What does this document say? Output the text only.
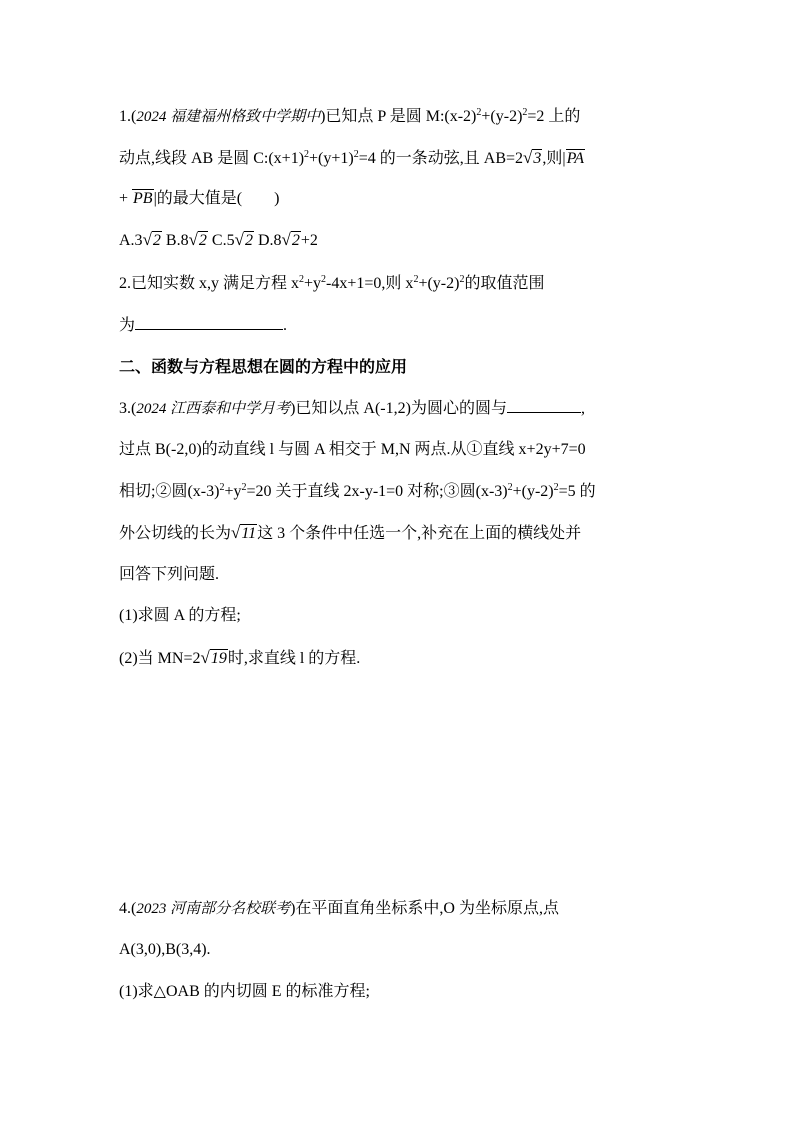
1.(2024 福建福州格致中学期中)已知点 P 是圆 $M:(x-2)^2+(y-2)^2=2$ 上的
动点,线段 AB 是圆 $C:(x+1)^2+(y+1)^2=4$ 的一条动弦,且 AB=2√3,则|PA
+ PB|的最大值是(　　)
A.3√2 B.8√2 C.5√2 D.8√2+2
2.已知实数 x,y 满足方程 $x^2+y^2-4x+1=0$,则 $x^2+(y-2)^2$的取值范围
为	.
二、函数与方程思想在圆的方程中的应用
3.(2024 江西泰和中学月考)已知以点 A(-1,2)为圆心的圆与	,
过点 B(-2,0)的动直线 l 与圆 A 相交于 M,N 两点.从①直线 x+2y+7=0
相切;②圆$(x-3)^2+y^2=20$ 关于直线 2x-y-1=0 对称;③圆$(x-3)^2+(y-2)^2=5$ 的
外公切线的长为√11这 3 个条件中任选一个,补充在上面的横线处并
回答下列问题.
(1)求圆 A 的方程;
(2)当 MN=2√19时,求直线 l 的方程.
4.(2023 河南部分名校联考)在平面直角坐标系中,O 为坐标原点,点
A(3,0),B(3,4).
(1)求△OAB 的内切圆 E 的标准方程;
